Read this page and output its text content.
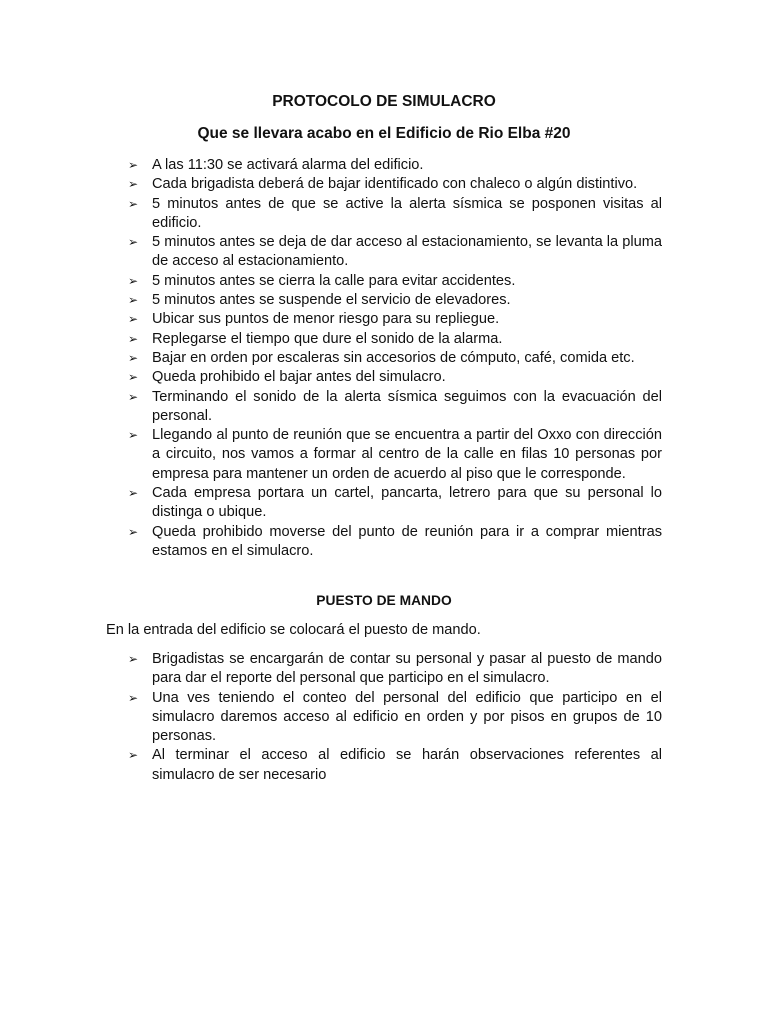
PROTOCOLO DE SIMULACRO
Que se llevara acabo en el Edificio de Rio Elba #20
➢ A las 11:30 se activará alarma del edificio.
➢ Cada brigadista deberá de bajar identificado con chaleco o algún distintivo.
➢ 5 minutos antes de que se active la alerta sísmica se posponen visitas al edificio.
➢ 5 minutos antes se deja de dar acceso al estacionamiento, se levanta la pluma de acceso al estacionamiento.
➢ 5 minutos antes se cierra la calle para evitar accidentes.
➢ 5 minutos antes se suspende el servicio de elevadores.
➢ Ubicar sus puntos de menor riesgo para su repliegue.
➢ Replegarse el tiempo que dure el sonido de la alarma.
➢ Bajar en orden por escaleras sin accesorios de cómputo, café, comida etc.
➢ Queda prohibido el bajar antes del simulacro.
➢ Terminando el sonido de la alerta sísmica seguimos con la evacuación del personal.
➢ Llegando al punto de reunión que se encuentra a partir del Oxxo con dirección a circuito, nos vamos a formar al centro de la calle en filas 10 personas por empresa para mantener un orden de acuerdo al piso que le corresponde.
➢ Cada empresa portara un cartel, pancarta, letrero para que su personal lo distinga o ubique.
➢ Queda prohibido moverse del punto de reunión para ir a comprar mientras estamos en el simulacro.
PUESTO DE MANDO

En la entrada del edificio se colocará el puesto de mando.

➢ Brigadistas se encargarán de contar su personal y pasar al puesto de mando para dar el reporte del personal que participo en el simulacro.
➢ Una ves teniendo el conteo del personal del edificio que participo en el simulacro daremos acceso al edificio en orden y por pisos en grupos de 10 personas.
➢ Al terminar el acceso al edificio se harán observaciones referentes al simulacro de ser necesario
